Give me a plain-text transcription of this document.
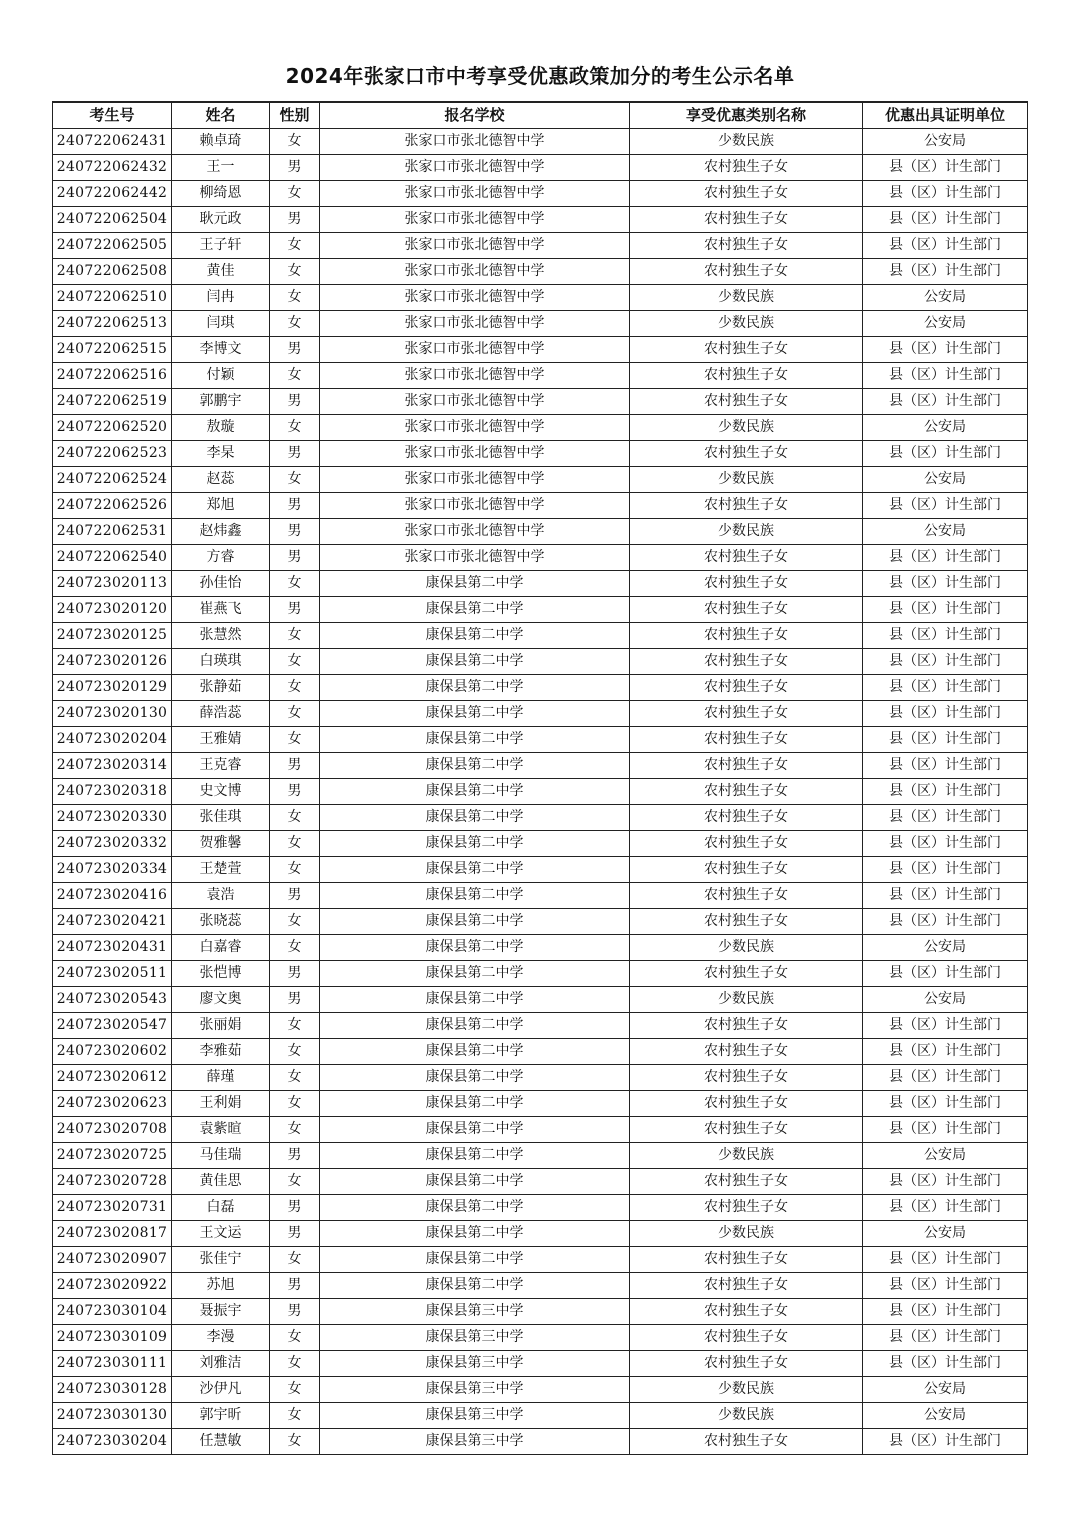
2024年张家口市中考享受优惠政策加分的考生公示名单
考生号	姓名	性别	报名学校	享受优惠类别名称	优惠出具证明单位
240722062431	赖卓琦	女	张家口市张北德智中学	少数民族	公安局
240722062432	王一	男	张家口市张北德智中学	农村独生子女	县（区）计生部门
240722062442	柳绮恩	女	张家口市张北德智中学	农村独生子女	县（区）计生部门
240722062504	耿元政	男	张家口市张北德智中学	农村独生子女	县（区）计生部门
240722062505	王子轩	女	张家口市张北德智中学	农村独生子女	县（区）计生部门
240722062508	黄佳	女	张家口市张北德智中学	农村独生子女	县（区）计生部门
240722062510	闫冉	女	张家口市张北德智中学	少数民族	公安局
240722062513	闫琪	女	张家口市张北德智中学	少数民族	公安局
240722062515	李博文	男	张家口市张北德智中学	农村独生子女	县（区）计生部门
240722062516	付颖	女	张家口市张北德智中学	农村独生子女	县（区）计生部门
240722062519	郭鹏宇	男	张家口市张北德智中学	农村独生子女	县（区）计生部门
240722062520	敖璇	女	张家口市张北德智中学	少数民族	公安局
240722062523	李杲	男	张家口市张北德智中学	农村独生子女	县（区）计生部门
240722062524	赵蕊	女	张家口市张北德智中学	少数民族	公安局
240722062526	郑旭	男	张家口市张北德智中学	农村独生子女	县（区）计生部门
240722062531	赵炜鑫	男	张家口市张北德智中学	少数民族	公安局
240722062540	方睿	男	张家口市张北德智中学	农村独生子女	县（区）计生部门
240723020113	孙佳怡	女	康保县第二中学	农村独生子女	县（区）计生部门
240723020120	崔燕飞	男	康保县第二中学	农村独生子女	县（区）计生部门
240723020125	张慧然	女	康保县第二中学	农村独生子女	县（区）计生部门
240723020126	白瑛琪	女	康保县第二中学	农村独生子女	县（区）计生部门
240723020129	张静茹	女	康保县第二中学	农村独生子女	县（区）计生部门
240723020130	薛浩蕊	女	康保县第二中学	农村独生子女	县（区）计生部门
240723020204	王雅婧	女	康保县第二中学	农村独生子女	县（区）计生部门
240723020314	王克睿	男	康保县第二中学	农村独生子女	县（区）计生部门
240723020318	史文博	男	康保县第二中学	农村独生子女	县（区）计生部门
240723020330	张佳琪	女	康保县第二中学	农村独生子女	县（区）计生部门
240723020332	贺雅馨	女	康保县第二中学	农村独生子女	县（区）计生部门
240723020334	王楚萱	女	康保县第二中学	农村独生子女	县（区）计生部门
240723020416	袁浩	男	康保县第二中学	农村独生子女	县（区）计生部门
240723020421	张晓蕊	女	康保县第二中学	农村独生子女	县（区）计生部门
240723020431	白嘉睿	女	康保县第二中学	少数民族	公安局
240723020511	张恺博	男	康保县第二中学	农村独生子女	县（区）计生部门
240723020543	廖文奥	男	康保县第二中学	少数民族	公安局
240723020547	张丽娟	女	康保县第二中学	农村独生子女	县（区）计生部门
240723020602	李雅茹	女	康保县第二中学	农村独生子女	县（区）计生部门
240723020612	薛瑾	女	康保县第二中学	农村独生子女	县（区）计生部门
240723020623	王利娟	女	康保县第二中学	农村独生子女	县（区）计生部门
240723020708	袁紫暄	女	康保县第二中学	农村独生子女	县（区）计生部门
240723020725	马佳瑞	男	康保县第二中学	少数民族	公安局
240723020728	黄佳思	女	康保县第二中学	农村独生子女	县（区）计生部门
240723020731	白磊	男	康保县第二中学	农村独生子女	县（区）计生部门
240723020817	王文运	男	康保县第二中学	少数民族	公安局
240723020907	张佳宁	女	康保县第二中学	农村独生子女	县（区）计生部门
240723020922	苏旭	男	康保县第二中学	农村独生子女	县（区）计生部门
240723030104	聂振宇	男	康保县第三中学	农村独生子女	县（区）计生部门
240723030109	李漫	女	康保县第三中学	农村独生子女	县（区）计生部门
240723030111	刘雅洁	女	康保县第三中学	农村独生子女	县（区）计生部门
240723030128	沙伊凡	女	康保县第三中学	少数民族	公安局
240723030130	郭宇昕	女	康保县第三中学	少数民族	公安局
240723030204	任慧敏	女	康保县第三中学	农村独生子女	县（区）计生部门
